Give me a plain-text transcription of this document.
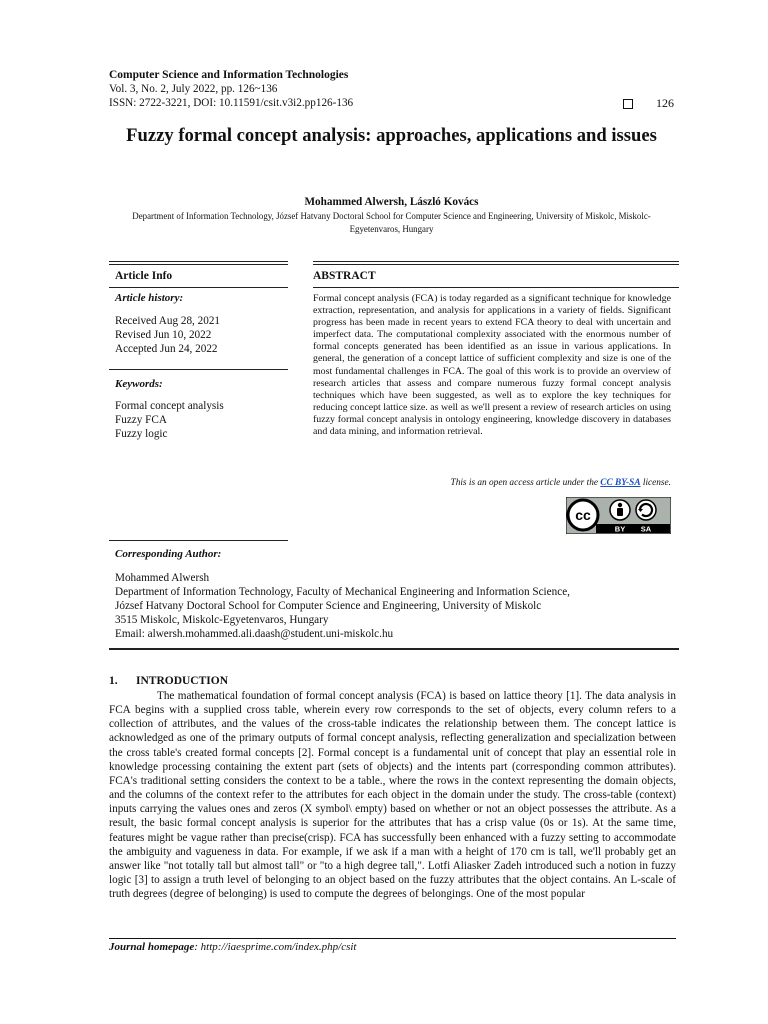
Computer Science and Information Technologies
Vol. 3, No. 2, July 2022, pp. 126~136
ISSN: 2722-3221, DOI: 10.11591/csit.v3i2.pp126-136	126
Fuzzy formal concept analysis: approaches, applications and issues
Mohammed Alwersh, László Kovács
Department of Information Technology, József Hatvany Doctoral School for Computer Science and Engineering, University of Miskolc, Miskolc-Egyetenvaros, Hungary
Article Info	ABSTRACT
Article history:
Received Aug 28, 2021
Revised Jun 10, 2022
Accepted Jun 24, 2022
Keywords:
Formal concept analysis
Fuzzy FCA
Fuzzy logic
Formal concept analysis (FCA) is today regarded as a significant technique for knowledge extraction, representation, and analysis for applications in a variety of fields. Significant progress has been made in recent years to extend FCA theory to deal with uncertain and imperfect data. The computational complexity associated with the enormous number of formal concepts generated has been identified as an issue in various applications. In general, the generation of a concept lattice of sufficient complexity and size is one of the most fundamental challenges in FCA. The goal of this work is to provide an overview of research articles that assess and compare numerous fuzzy formal concept analysis techniques which have been suggested, as well as to explore the key techniques for reducing concept lattice size. as well as we'll present a review of research articles on using fuzzy formal concept analysis in ontology engineering, knowledge discovery in databases and data mining, and information retrieval.
This is an open access article under the CC BY-SA license.
cc
BY SA
Corresponding Author:
Mohammed Alwersh
Department of Information Technology, Faculty of Mechanical Engineering and Information Science,
József Hatvany Doctoral School for Computer Science and Engineering, University of Miskolc
3515 Miskolc, Miskolc-Egyetenvaros, Hungary
Email: alwersh.mohammed.ali.daash@student.uni-miskolc.hu
1. INTRODUCTION

The mathematical foundation of formal concept analysis (FCA) is based on lattice theory [1]. The data analysis in FCA begins with a supplied cross table, wherein every row corresponds to the set of objects, every column refers to a collection of attributes, and the values of the cross-table indicates the relationship between them. The concept lattice is acknowledged as one of the primary outputs of formal concept analysis, reflecting generalization and specialization between the cross table's created formal concepts [2]. Formal concept is a fundamental unit of concept that play an essential role in knowledge processing containing the extent part (sets of objects) and the intents part (corresponding common attributes). FCA's traditional setting considers the context to be a table., where the rows in the context representing the domain objects, and the columns of the context refer to the attributes for each object in the domain under the study. The cross-table (context) inputs carrying the values ones and zeros (X symbol\ empty) based on whether or not an object possesses the attribute. As a result, the basic formal concept analysis is superior for the attributes that has a crisp value (0s or 1s). At the same time, features might be vague rather than precise(crisp). FCA has successfully been enhanced with a fuzzy setting to accommodate the ambiguity and vagueness in data. For example, if we ask if a man with a height of 170 cm is tall, we'll probably get an answer like "not totally tall but almost tall" or "to a high degree tall,". Lotfi Aliasker Zadeh introduced such a notion in fuzzy logic [3] to assign a truth level of belonging to an object based on the fuzzy attributes that the object contains. An L-scale of truth degrees (degree of belonging) is used to compute the degrees of belongings. One of the most popular

Journal homepage: http://iaesprime.com/index.php/csit
